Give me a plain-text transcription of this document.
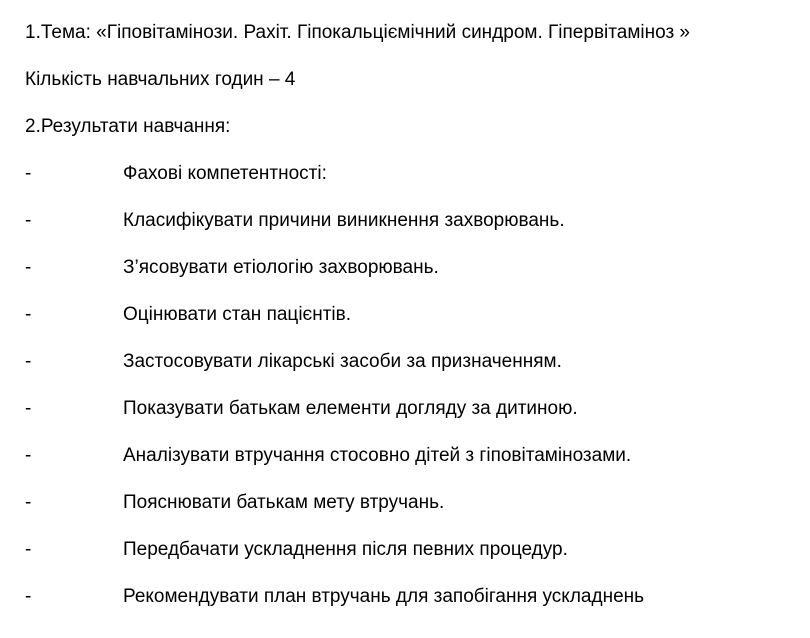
1.Тема: «Гіповітамінози. Рахіт. Гіпокальціємічний синдром. Гіпервітаміноз »
Кількість навчальних годин – 4
2.Результати навчання:
-	Фахові компетентності:
-	Класифікувати причини виникнення захворювань.
-	З’ясовувати етіологію захворювань.
-	Оцінювати стан пацієнтів.
-	Застосовувати лікарські засоби за призначенням.
-	Показувати батькам елементи догляду за дитиною.
-	Аналізувати втручання стосовно дітей з гіповітамінозами.
-	Пояснювати батькам мету втручань.
-	Передбачати ускладнення після певних процедур.
-	Рекомендувати план втручань для запобігання ускладнень
